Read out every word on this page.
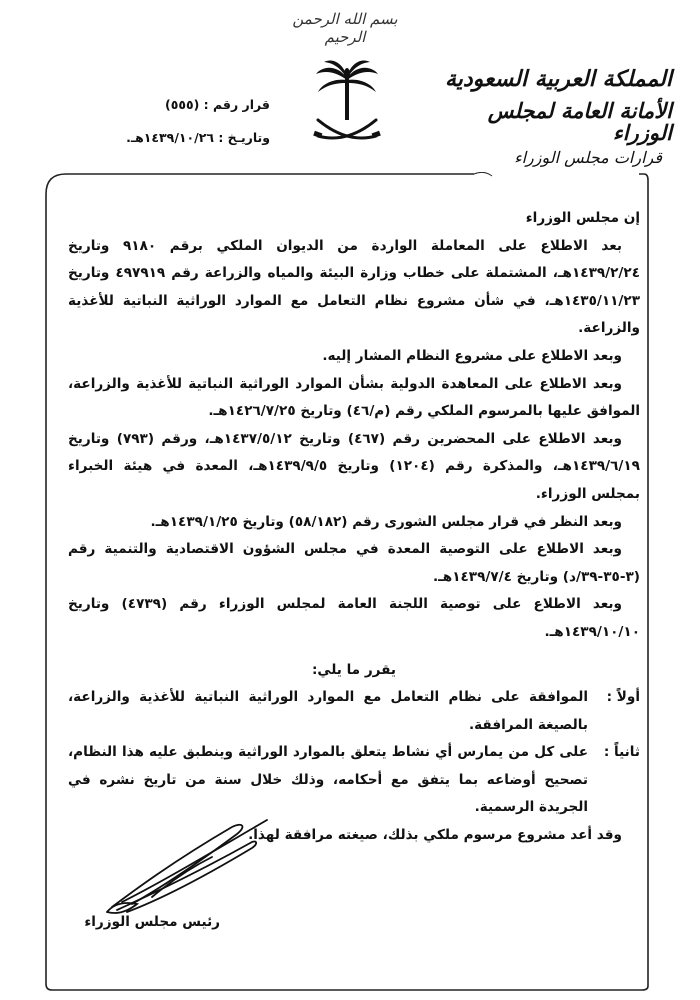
بسم الله الرحمن الرحيم
المملكة العربية السعودية
الأمانة العامة لمجلس الوزراء
قرارات مجلس الوزراء
قرار رقم : (٥٥٥)
وتاريـخ : ١٤٣٩/١٠/٢٦هـ.

إن مجلس الوزراء

بعد الاطلاع على المعاملة الواردة من الديوان الملكي برقم ٩١٨٠ وتاريخ ١٤٣٩/٢/٢٤هـ، المشتملة على خطاب وزارة البيئة والمياه والزراعة رقم ٤٩٧٩١٩ وتاريخ ١٤٣٥/١١/٢٣هـ، في شأن مشروع نظام التعامل مع الموارد الوراثية النباتية للأغذية والزراعة.

وبعد الاطلاع على مشروع النظام المشار إليه.

وبعد الاطلاع على المعاهدة الدولية بشأن الموارد الوراثية النباتية للأغذية والزراعة، الموافق عليها بالمرسوم الملكي رقم (م/٤٦) وتاريخ ١٤٢٦/٧/٢٥هـ.

وبعد الاطلاع على المحضرين رقم (٤٦٧) وتاريخ ١٤٣٧/٥/١٢هـ، ورقم (٧٩٣) وتاريخ ١٤٣٩/٦/١٩هـ، والمذكرة رقم (١٢٠٤) وتاريخ ١٤٣٩/٩/٥هـ، المعدة في هيئة الخبراء بمجلس الوزراء.

وبعد النظر في قرار مجلس الشورى رقم (٥٨/١٨٢) وتاريخ ١٤٣٩/١/٢٥هـ.

وبعد الاطلاع على التوصية المعدة في مجلس الشؤون الاقتصادية والتنمية رقم (٣-٣٥-٣٩/د) وتاريخ ١٤٣٩/٧/٤هـ.

وبعد الاطلاع على توصية اللجنة العامة لمجلس الوزراء رقم (٤٧٣٩) وتاريخ ١٤٣٩/١٠/١٠هـ.

يقرر ما يلي:

أولاً :
الموافقة على نظام التعامل مع الموارد الوراثية النباتية للأغذية والزراعة، بالصيغة المرافقة.
ثانياً :
على كل من يمارس أي نشاط يتعلق بالموارد الوراثية وينطبق عليه هذا النظام، تصحيح أوضاعه بما يتفق مع أحكامه، وذلك خلال سنة من تاريخ نشره في الجريدة الرسمية.

وقد أعد مشروع مرسوم ملكي بذلك، صيغته مرافقة لهذا.

رئيس مجلس الوزراء
